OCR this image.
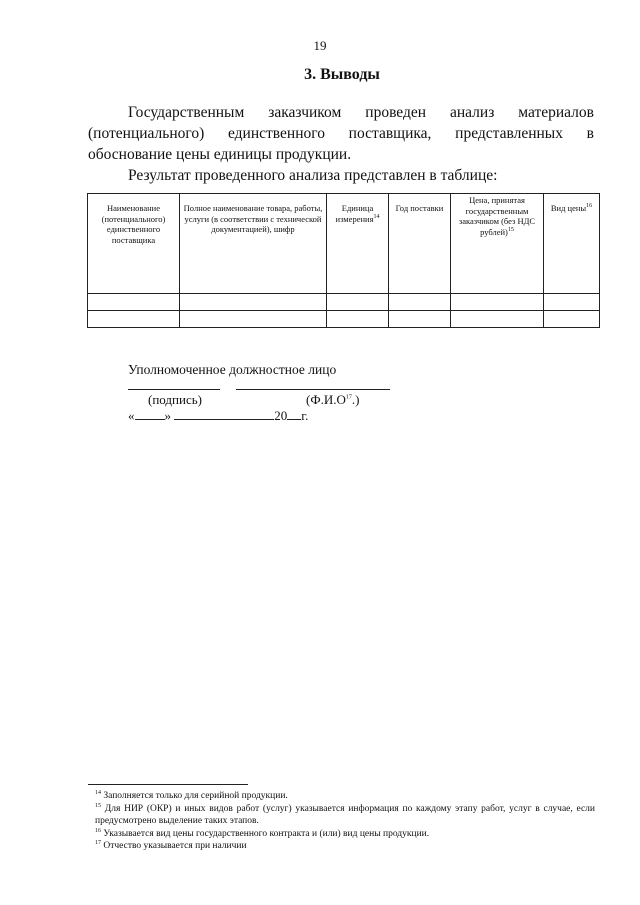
19
3. Выводы

Государственным заказчиком проведен анализ материалов (потенциального) единственного поставщика, представленных в обоснование цены единицы продукции.

Результат проведенного анализа представлен в таблице:

Наименование (потенциального) единственного поставщика	Полное наименование товара, работы, услуги (в соответствии с технической документацией), шифр	Единица измерения$^{14}$	Год поставки	Цена, принятая государственным заказчиком (без НДС рублей)$^{15}$	Вид цены$^{16}$

Уполномоченное должностное лицо
(подпись)	$(Ф.И.О^{17}.)$
« »	20 г.

$^{14}$ Заполняется только для серийной продукции.

$^{15}$ Для НИР (ОКР) и иных видов работ (услуг) указывается информация по каждому этапу работ, услуг в случае, если предусмотрено выделение таких этапов.

$^{16}$ Указывается вид цены государственного контракта и (или) вид цены продукции.

$^{17}$ Отчество указывается при наличии
